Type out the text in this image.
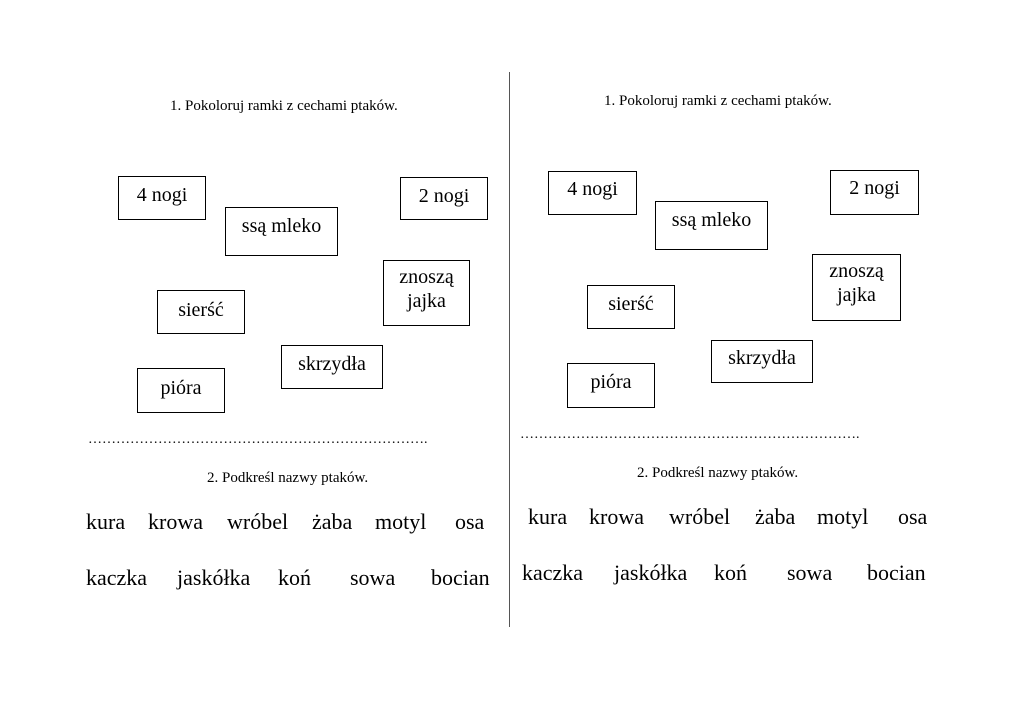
1. Pokoloruj ramki z cechami ptaków.
4 nogi
ssą mleko
2 nogi
znoszą
jajka
sierść
skrzydła
pióra
……………………………………………………………….
2. Podkreśl nazwy ptaków.
kura krowa wróbel żaba motyl osa
kaczka jaskółka koń sowa bocian
1. Pokoloruj ramki z cechami ptaków.
4 nogi
ssą mleko
2 nogi
znoszą
jajka
sierść
skrzydła
pióra
……………………………………………………………….
2. Podkreśl nazwy ptaków.
kura krowa wróbel żaba motyl osa
kaczka jaskółka koń sowa bocian
